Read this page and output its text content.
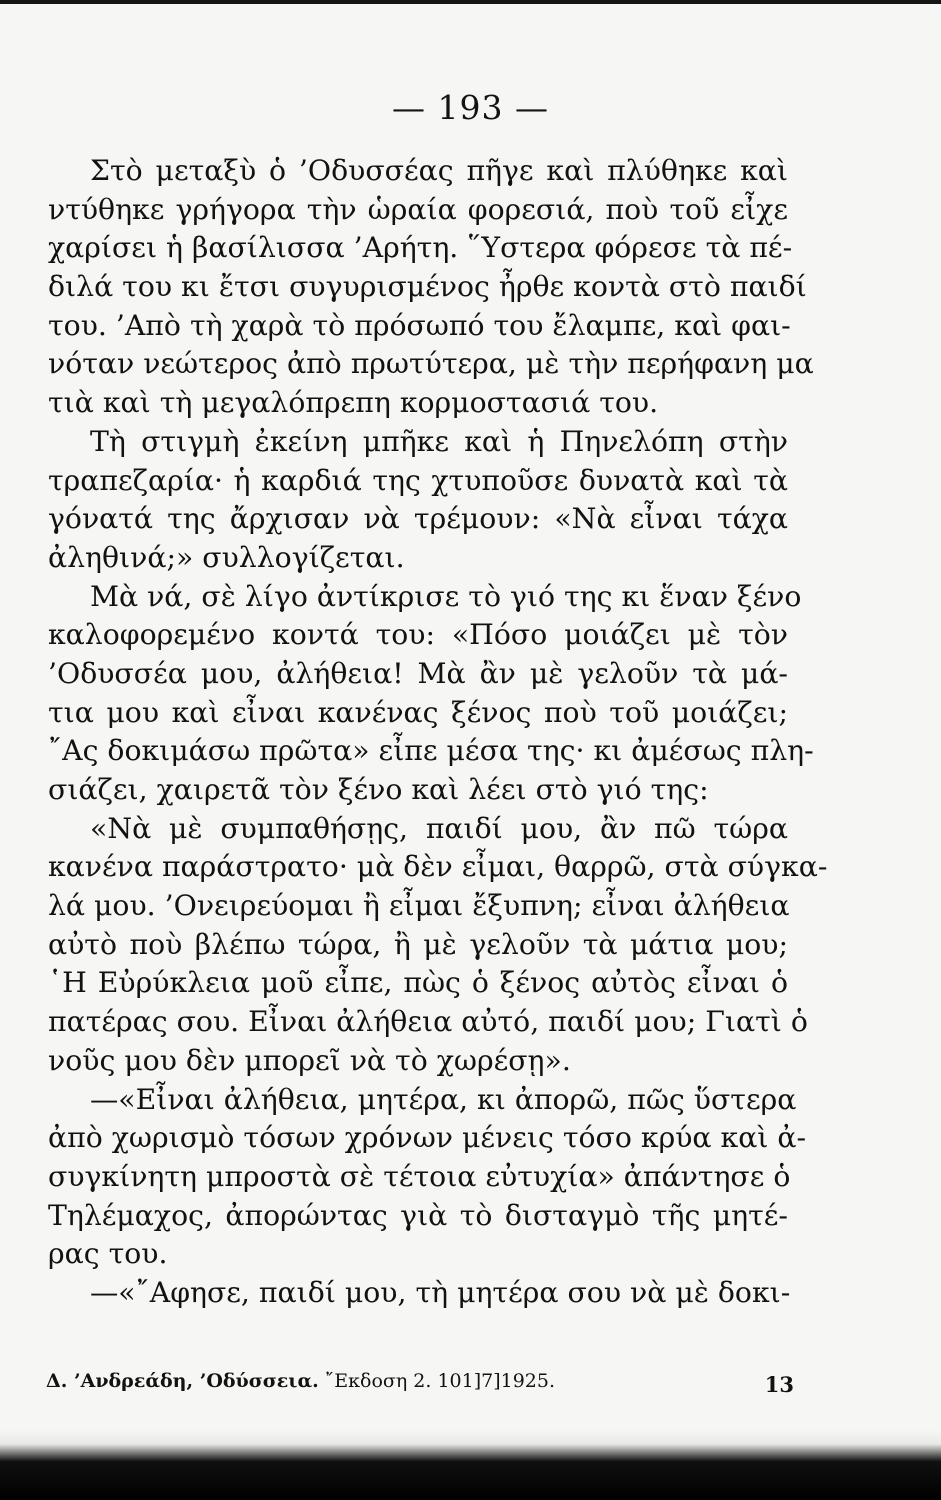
— 193 —
Στὸ μεταξὺ ὁ ’Οδυσσέας πῆγε καὶ πλύθηκε καὶ
ντύθηκε γρήγορα τὴν ὡραία φορεσιά, ποὺ τοῦ εἶχε
χαρίσει ἡ βασίλισσα ’Αρήτη. ῞Υστερα φόρεσε τὰ πέ-
διλά του κι ἔτσι συγυρισμένος ἦρθε κοντὰ στὸ παιδί
του. ’Απὸ τὴ χαρὰ τὸ πρόσωπό του ἔλαμπε, καὶ φαι-
νόταν νεώτερος ἀπὸ πρωτύτερα, μὲ τὴν περήφανη μα
τιὰ καὶ τὴ μεγαλόπρεπη κορμοστασιά του.
Τὴ στιγμὴ ἐκείνη μπῆκε καὶ ἡ Πηνελόπη στὴν
τραπεζαρία· ἡ καρδιά της χτυποῦσε δυνατὰ καὶ τὰ
γόνατά της ἄρχισαν νὰ τρέμουν: «Νὰ εἶναι τάχα
ἀληθινά;» συλλογίζεται.
Μὰ νά, σὲ λίγο ἀντίκρισε τὸ γιό της κι ἕναν ξένο
καλοφορεμένο κοντά του: «Πόσο μοιάζει μὲ τὸν
’Οδυσσέα μου, ἀλήθεια! Μὰ ἂν μὲ γελοῦν τὰ μά-
τια μου καὶ εἶναι κανένας ξένος ποὺ τοῦ μοιάζει;
῎Ας δοκιμάσω πρῶτα» εἶπε μέσα της· κι ἀμέσως πλη-
σιάζει, χαιρετᾶ τὸν ξένο καὶ λέει στὸ γιό της:
«Νὰ μὲ συμπαθήσῃς, παιδί μου, ἂν πῶ τώρα
κανένα παράστρατο· μὰ δὲν εἶμαι, θαρρῶ, στὰ σύγκα-
λά μου. ’Ονειρεύομαι ἢ εἶμαι ἔξυπνη; εἶναι ἀλήθεια
αὐτὸ ποὺ βλέπω τώρα, ἢ μὲ γελοῦν τὰ μάτια μου;
῾Η Εὐρύκλεια μοῦ εἶπε, πὼς ὁ ξένος αὐτὸς εἶναι ὁ
πατέρας σου. Εἶναι ἀλήθεια αὐτό, παιδί μου; Γιατὶ ὁ
νοῦς μου δὲν μπορεῖ νὰ τὸ χωρέσῃ».
—«Εἶναι ἀλήθεια, μητέρα, κι ἀπορῶ, πῶς ὕστερα
ἀπὸ χωρισμὸ τόσων χρόνων μένεις τόσο κρύα καὶ ἀ-
συγκίνητη μπροστὰ σὲ τέτοια εὐτυχία» ἀπάντησε ὁ
Τηλέμαχος, ἀπορώντας γιὰ τὸ δισταγμὸ τῆς μητέ-
ρας του.
—«῎Αφησε, παιδί μου, τὴ μητέρα σου νὰ μὲ δοκι-
Δ. ’Ανδρεάδη, ’Οδύσσεια. ῎Εκδοση 2. 101]7]1925.	13
